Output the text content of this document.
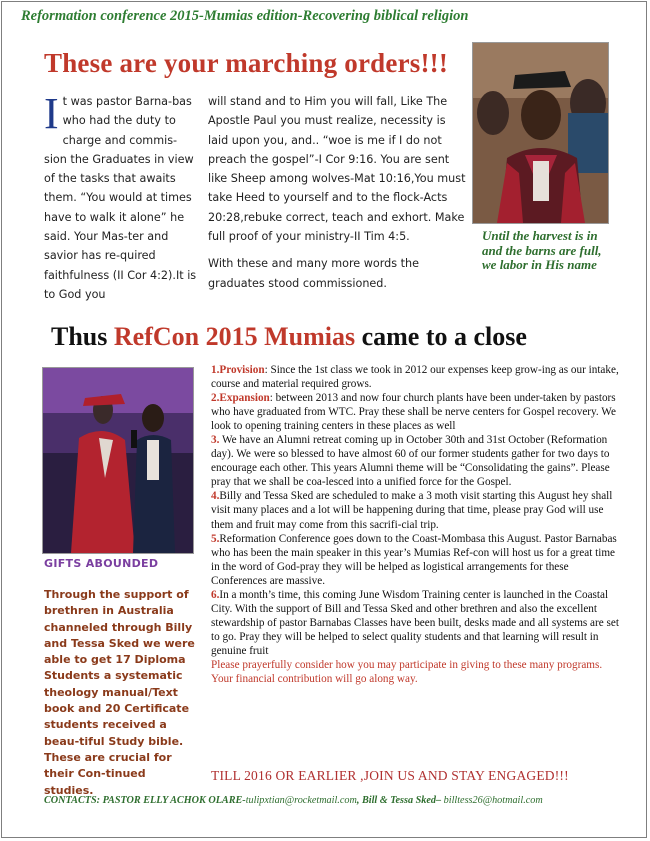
Reformation conference 2015-Mumias edition-Recovering biblical religion
These are your marching orders!!!
I t was pastor Barna-bas who had the duty to charge and commis-sion the Graduates in view of the tasks that awaits them. “You would at times have to walk it alone” he said. Your Mas-ter and savior has re-quired faithfulness (II Cor 4:2).It is to God you

will stand and to Him you will fall, Like The Apostle Paul you must realize, necessity is laid upon you, and.. “woe is me if I do not preach the gospel”-I Cor 9:16. You are sent like Sheep among wolves-Mat 10:16,You must take Heed to yourself and to the flock-Acts 20:28,rebuke correct, teach and exhort. Make full proof of your ministry-II Tim 4:5.

With these and many more words the graduates stood commissioned.

Until the harvest is in and the barns are full, we labor in His name
Thus RefCon 2015 Mumias came to a close
GIFTS ABOUNDED
Through the support of brethren in Australia channeled through Billy and Tessa Sked we were able to get 17 Diploma Students a systematic theology manual/Text book and 20 Certificate students received a beau-tiful Study bible. These are crucial for their Con-tinued studies.

1.Provision: Since the 1st class we took in 2012 our expenses keep grow-ing as our intake, course and material required grows.

2.Expansion: between 2013 and now four church plants have been under-taken by pastors who have graduated from WTC. Pray these shall be nerve centers for Gospel recovery. We look to opening training centers in these places as well

3. We have an Alumni retreat coming up in October 30th and 31st October (Reformation day). We were so blessed to have almost 60 of our former students gather for two days to encourage each other. This years Alumni theme will be “Consolidating the gains”. Please pray that we shall be coa-lesced into a unified force for the Gospel.

4.Billy and Tessa Sked are scheduled to make a 3 moth visit starting this August hey shall visit many places and a lot will be happening during that time, please pray God will use them and fruit may come from this sacrifi-cial trip.

5.Reformation Conference goes down to the Coast-Mombasa this August. Pastor Barnabas who has been the main speaker in this year’s Mumias Ref-con will host us for a great time in the word of God-pray they will be helped as logistical arrangements for these Conferences are massive.

6.In a month’s time, this coming June Wisdom Training center is launched in the Coastal City. With the support of Bill and Tessa Sked and other brethren and also the excellent stewardship of pastor Barnabas Classes have been built, desks made and all systems are set to go. Pray they will be helped to select quality students and that learning will result in genuine fruit

Please prayerfully consider how you may participate in giving to these many programs. Your financial contribution will go along way.

TILL 2016 OR EARLIER ,JOIN US AND STAY ENGAGED!!!
CONTACTS: PASTOR ELLY ACHOK OLARE-tulipxtian@rocketmail.com, Bill & Tessa Sked– billtess26@hotmail.com
